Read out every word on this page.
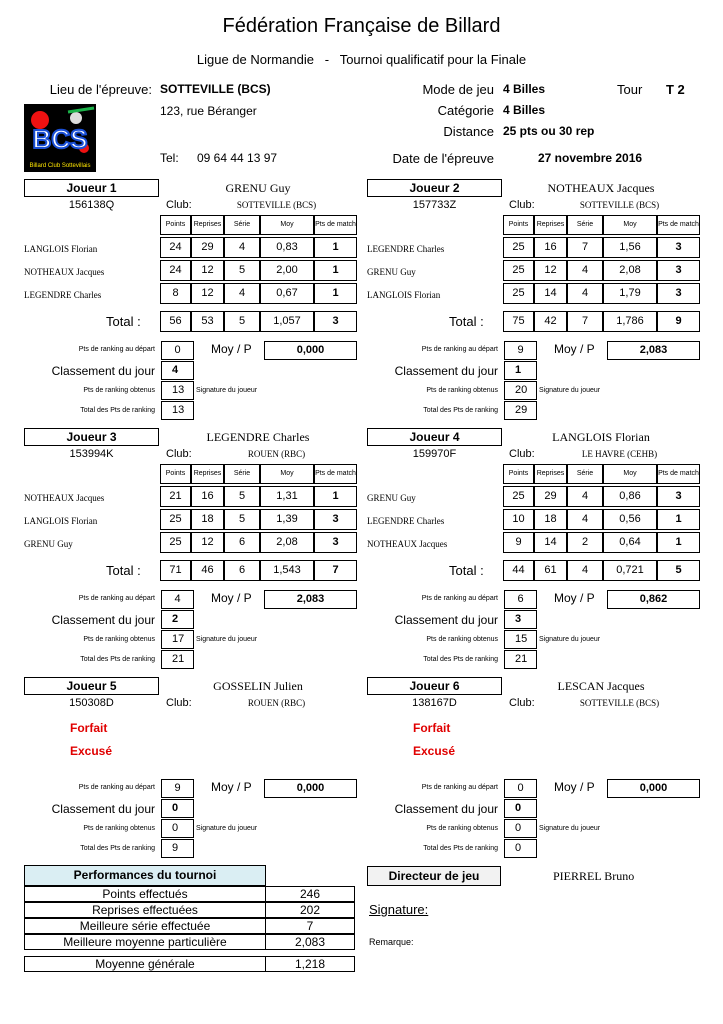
Fédération Française de Billard
Ligue de Normandie   -   Tournoi qualificatif pour la Finale
Lieu de l'épreuve: SOTTEVILLE (BCS)
123, rue Béranger
Tel: 09 64 44 13 97
Mode de jeu 4 Billes	Tour T 2
Catégorie 4 Billes
Distance 25 pts ou 30 rep
Date de l'épreuve	27 novembre 2016
BCS
Billard Club Sottevillais
Joueur 1	GRENU Guy
156138Q	Club:	SOTTEVILLE (BCS)
Points	Reprises	Série	Moy	Pts de match
LANGLOIS Florian	24	29	4	0,83	1
NOTHEAUX Jacques	24	12	5	2,00	1
LEGENDRE Charles	8	12	4	0,67	1
Total :	56	53	5	1,057	3
Pts de ranking au départ	0	Moy / P	0,000
Classement du jour	4
Pts de ranking obtenus	13	Signature du joueur
Total des Pts de ranking	13
Joueur 2	NOTHEAUX Jacques
157733Z	Club:	SOTTEVILLE (BCS)
Points	Reprises	Série	Moy	Pts de match
LEGENDRE Charles	25	16	7	1,56	3
GRENU Guy	25	12	4	2,08	3
LANGLOIS Florian	25	14	4	1,79	3
Total :	75	42	7	1,786	9
Pts de ranking au départ	9	Moy / P	2,083
Classement du jour	1
Pts de ranking obtenus	20	Signature du joueur
Total des Pts de ranking	29
Joueur 3	LEGENDRE Charles
153994K	Club:	ROUEN (RBC)
Points	Reprises	Série	Moy	Pts de match
NOTHEAUX Jacques	21	16	5	1,31	1
LANGLOIS Florian	25	18	5	1,39	3
GRENU Guy	25	12	6	2,08	3
Total :	71	46	6	1,543	7
Pts de ranking au départ	4	Moy / P	2,083
Classement du jour	2
Pts de ranking obtenus	17	Signature du joueur
Total des Pts de ranking	21
Joueur 4	LANGLOIS Florian
159970F	Club:	LE HAVRE (CEHB)
Points	Reprises	Série	Moy	Pts de match
GRENU Guy	25	29	4	0,86	3
LEGENDRE Charles	10	18	4	0,56	1
NOTHEAUX Jacques	9	14	2	0,64	1
Total :	44	61	4	0,721	5
Pts de ranking au départ	6	Moy / P	0,862
Classement du jour	3
Pts de ranking obtenus	15	Signature du joueur
Total des Pts de ranking	21
Joueur 5	GOSSELIN Julien
150308D	Club:	ROUEN (RBC)
Forfait
Excusé
Pts de ranking au départ	9	Moy / P	0,000
Classement du jour	0
Pts de ranking obtenus	0	Signature du joueur
Total des Pts de ranking	9
Joueur 6	LESCAN Jacques
138167D	Club:	SOTTEVILLE (BCS)
Forfait
Excusé
Pts de ranking au départ	0	Moy / P	0,000
Classement du jour	0
Pts de ranking obtenus	0	Signature du joueur
Total des Pts de ranking	0
Points effectués	246
Reprises effectuées	202
Meilleure série effectuée	7
Meilleure moyenne particulière	2,083
Performances du tournoi
Moyenne générale	1,218
Directeur de jeu	PIERREL Bruno
Signature:
Remarque:
